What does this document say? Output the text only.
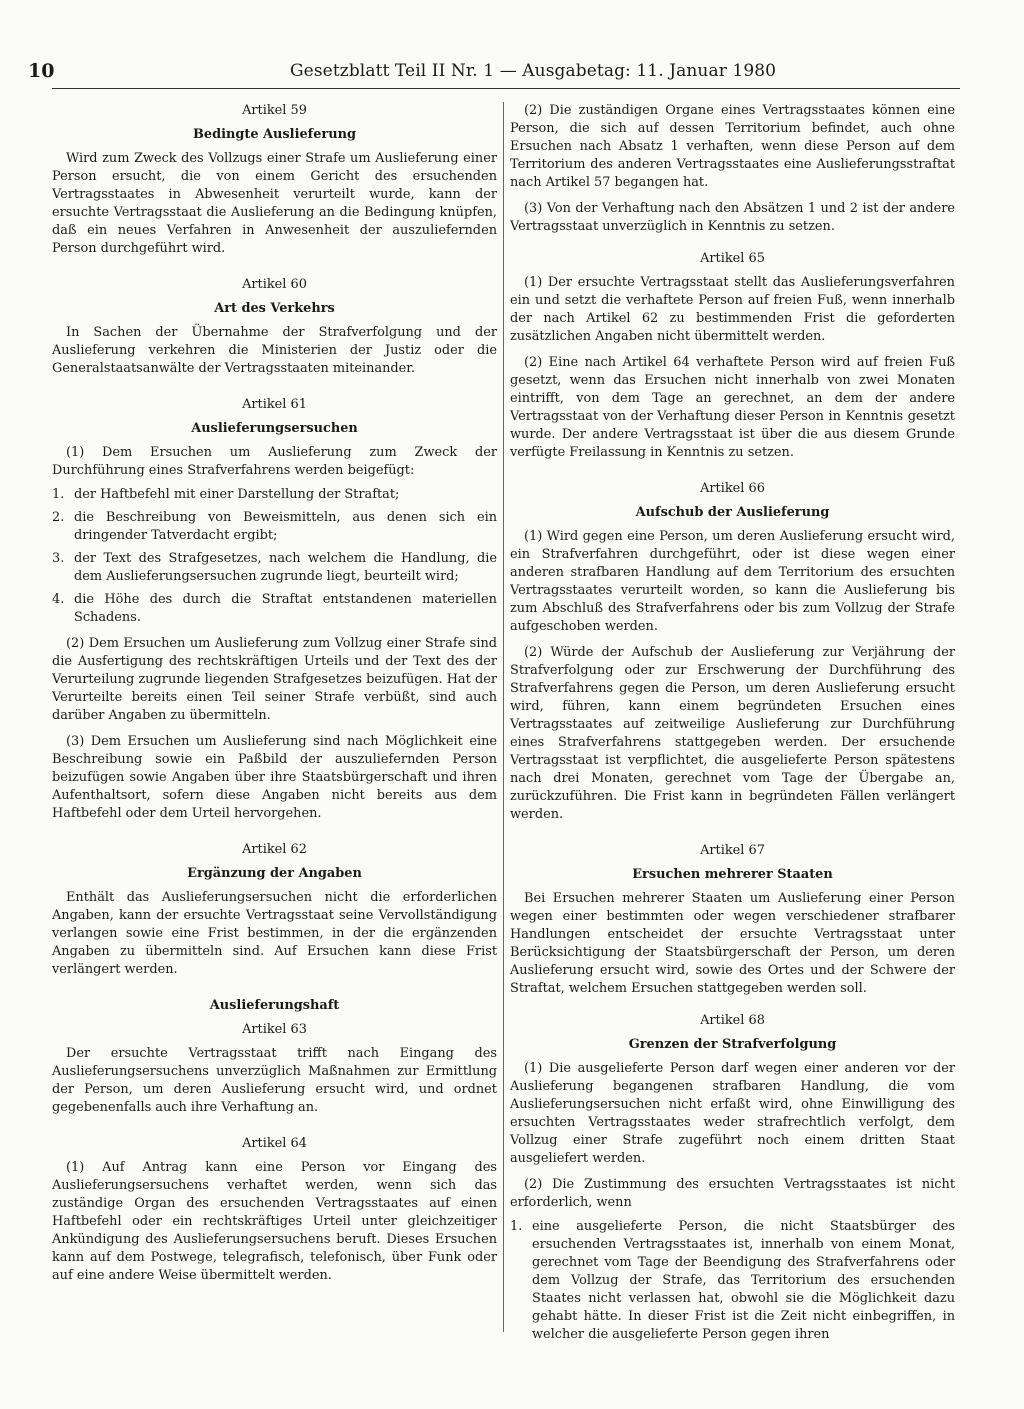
10	Gesetzblatt Teil II Nr. 1 — Ausgabetag: 11. Januar 1980

Artikel 59

Bedingte Auslieferung

Wird zum Zweck des Vollzugs einer Strafe um Auslieferung einer Person ersucht, die von einem Gericht des ersuchenden Vertragsstaates in Abwesenheit verurteilt wurde, kann der ersuchte Vertragsstaat die Auslieferung an die Bedingung knüpfen, daß ein neues Verfahren in Anwesenheit der auszuliefernden Person durchgeführt wird.

Artikel 60

Art des Verkehrs

In Sachen der Übernahme der Strafverfolgung und der Auslieferung verkehren die Ministerien der Justiz oder die Generalstaatsanwälte der Vertragsstaaten miteinander.

Artikel 61

Auslieferungsersuchen

(1) Dem Ersuchen um Auslieferung zum Zweck der Durchführung eines Strafverfahrens werden beigefügt:

1. der Haftbefehl mit einer Darstellung der Straftat;
2. die Beschreibung von Beweismitteln, aus denen sich ein dringender Tatverdacht ergibt;
3. der Text des Strafgesetzes, nach welchem die Handlung, die dem Auslieferungsersuchen zugrunde liegt, beurteilt wird;
4. die Höhe des durch die Straftat entstandenen materiellen Schadens.

(2) Dem Ersuchen um Auslieferung zum Vollzug einer Strafe sind die Ausfertigung des rechtskräftigen Urteils und der Text des der Verurteilung zugrunde liegenden Strafgesetzes beizufügen. Hat der Verurteilte bereits einen Teil seiner Strafe verbüßt, sind auch darüber Angaben zu übermitteln.

(3) Dem Ersuchen um Auslieferung sind nach Möglichkeit eine Beschreibung sowie ein Paßbild der auszuliefernden Person beizufügen sowie Angaben über ihre Staatsbürgerschaft und ihren Aufenthaltsort, sofern diese Angaben nicht bereits aus dem Haftbefehl oder dem Urteil hervorgehen.

Artikel 62

Ergänzung der Angaben

Enthält das Auslieferungsersuchen nicht die erforderlichen Angaben, kann der ersuchte Vertragsstaat seine Vervollständigung verlangen sowie eine Frist bestimmen, in der die ergänzenden Angaben zu übermitteln sind. Auf Ersuchen kann diese Frist verlängert werden.

Auslieferungshaft

Artikel 63

Der ersuchte Vertragsstaat trifft nach Eingang des Auslieferungsersuchens unverzüglich Maßnahmen zur Ermittlung der Person, um deren Auslieferung ersucht wird, und ordnet gegebenenfalls auch ihre Verhaftung an.

Artikel 64

(1) Auf Antrag kann eine Person vor Eingang des Auslieferungsersuchens verhaftet werden, wenn sich das zuständige Organ des ersuchenden Vertragsstaates auf einen Haftbefehl oder ein rechtskräftiges Urteil unter gleichzeitiger Ankündigung des Auslieferungsersuchens beruft. Dieses Ersuchen kann auf dem Postwege, telegrafisch, telefonisch, über Funk oder auf eine andere Weise übermittelt werden.

(2) Die zuständigen Organe eines Vertragsstaates können eine Person, die sich auf dessen Territorium befindet, auch ohne Ersuchen nach Absatz 1 verhaften, wenn diese Person auf dem Territorium des anderen Vertragsstaates eine Auslieferungsstraftat nach Artikel 57 begangen hat.

(3) Von der Verhaftung nach den Absätzen 1 und 2 ist der andere Vertragsstaat unverzüglich in Kenntnis zu setzen.

Artikel 65

(1) Der ersuchte Vertragsstaat stellt das Auslieferungsverfahren ein und setzt die verhaftete Person auf freien Fuß, wenn innerhalb der nach Artikel 62 zu bestimmenden Frist die geforderten zusätzlichen Angaben nicht übermittelt werden.

(2) Eine nach Artikel 64 verhaftete Person wird auf freien Fuß gesetzt, wenn das Ersuchen nicht innerhalb von zwei Monaten eintrifft, von dem Tage an gerechnet, an dem der andere Vertragsstaat von der Verhaftung dieser Person in Kenntnis gesetzt wurde. Der andere Vertragsstaat ist über die aus diesem Grunde verfügte Freilassung in Kenntnis zu setzen.

Artikel 66

Aufschub der Auslieferung

(1) Wird gegen eine Person, um deren Auslieferung ersucht wird, ein Strafverfahren durchgeführt, oder ist diese wegen einer anderen strafbaren Handlung auf dem Territorium des ersuchten Vertragsstaates verurteilt worden, so kann die Auslieferung bis zum Abschluß des Strafverfahrens oder bis zum Vollzug der Strafe aufgeschoben werden.

(2) Würde der Aufschub der Auslieferung zur Verjährung der Strafverfolgung oder zur Erschwerung der Durchführung des Strafverfahrens gegen die Person, um deren Auslieferung ersucht wird, führen, kann einem begründeten Ersuchen eines Vertragsstaates auf zeitweilige Auslieferung zur Durchführung eines Strafverfahrens stattgegeben werden. Der ersuchende Vertragsstaat ist verpflichtet, die ausgelieferte Person spätestens nach drei Monaten, gerechnet vom Tage der Übergabe an, zurückzuführen. Die Frist kann in begründeten Fällen verlängert werden.

Artikel 67

Ersuchen mehrerer Staaten

Bei Ersuchen mehrerer Staaten um Auslieferung einer Person wegen einer bestimmten oder wegen verschiedener strafbarer Handlungen entscheidet der ersuchte Vertragsstaat unter Berücksichtigung der Staatsbürgerschaft der Person, um deren Auslieferung ersucht wird, sowie des Ortes und der Schwere der Straftat, welchem Ersuchen stattgegeben werden soll.

Artikel 68

Grenzen der Strafverfolgung

(1) Die ausgelieferte Person darf wegen einer anderen vor der Auslieferung begangenen strafbaren Handlung, die vom Auslieferungsersuchen nicht erfaßt wird, ohne Einwilligung des ersuchten Vertragsstaates weder strafrechtlich verfolgt, dem Vollzug einer Strafe zugeführt noch einem dritten Staat ausgeliefert werden.

(2) Die Zustimmung des ersuchten Vertragsstaates ist nicht erforderlich, wenn

1. eine ausgelieferte Person, die nicht Staatsbürger des ersuchenden Vertragsstaates ist, innerhalb von einem Monat, gerechnet vom Tage der Beendigung des Strafverfahrens oder dem Vollzug der Strafe, das Territorium des ersuchenden Staates nicht verlassen hat, obwohl sie die Möglichkeit dazu gehabt hätte. In dieser Frist ist die Zeit nicht einbegriffen, in welcher die ausgelieferte Person gegen ihren
